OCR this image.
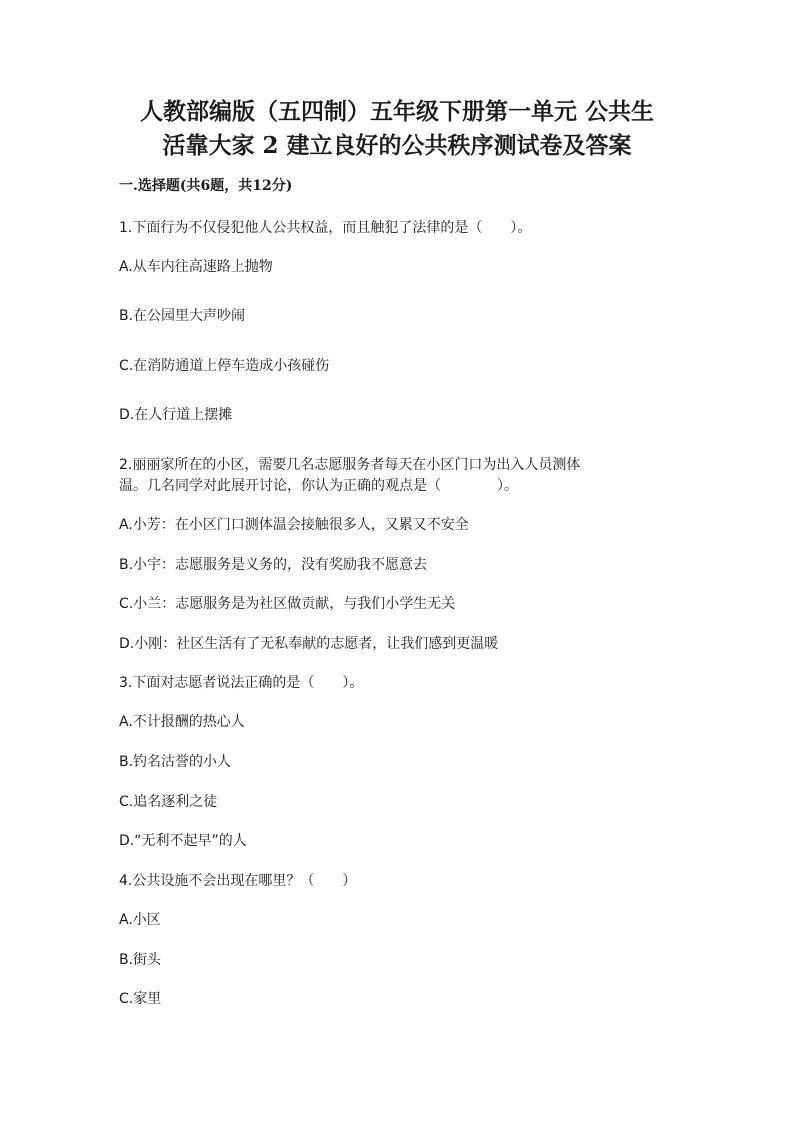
人教部编版（五四制）五年级下册第一单元 公共生
活靠大家 2 建立良好的公共秩序测试卷及答案
一.选择题(共6题，共12分)
1.下面行为不仅侵犯他人公共权益，而且触犯了法律的是（　　）。
A.从车内往高速路上抛物
B.在公园里大声吵闹
C.在消防通道上停车造成小孩碰伤
D.在人行道上摆摊
2.丽丽家所在的小区，需要几名志愿服务者每天在小区门口为出入人员测体
温。几名同学对此展开讨论，你认为正确的观点是（　　　　）。
A.小芳：在小区门口测体温会接触很多人，又累又不安全
B.小宇：志愿服务是义务的，没有奖励我不愿意去
C.小兰：志愿服务是为社区做贡献，与我们小学生无关
D.小刚：社区生活有了无私奉献的志愿者，让我们感到更温暖
3.下面对志愿者说法正确的是（　　）。
A.不计报酬的热心人
B.钓名沽誉的小人
C.追名逐利之徒
D.“无利不起早”的人
4.公共设施不会出现在哪里？（　　）
A.小区
B.街头
C.家里
